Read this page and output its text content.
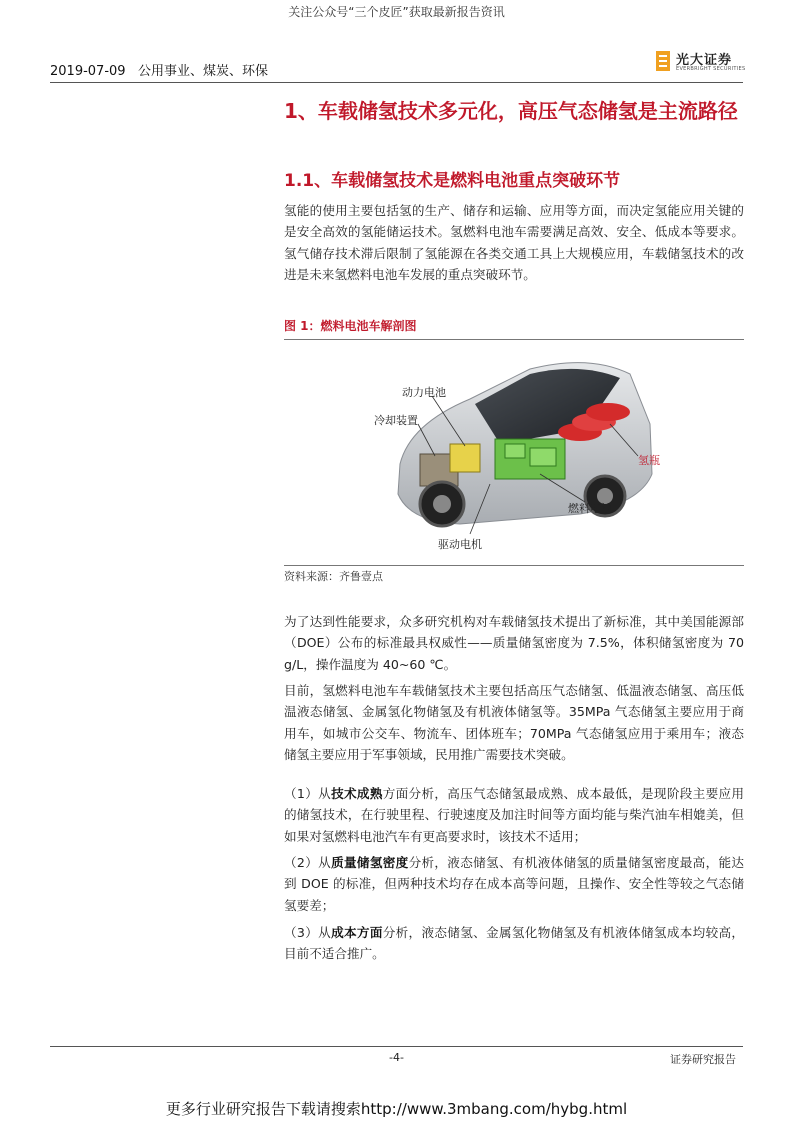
关注公众号“三个皮匠”获取最新报告资讯
2019-07-09 公用事业、煤炭、环保
光大证券
EVERBRIGHT SECURITIES
1、车载储氢技术多元化，高压气态储氢是主流路径
1.1、车载储氢技术是燃料电池重点突破环节
氢能的使用主要包括氢的生产、储存和运输、应用等方面，而决定氢能应用关键的是安全高效的氢能储运技术。氢燃料电池车需要满足高效、安全、低成本等要求。氢气储存技术滞后限制了氢能源在各类交通工具上大规模应用，车载储氢技术的改进是未来氢燃料电池车发展的重点突破环节。
图 1：燃料电池车解剖图
动力电池
冷却装置
氢瓶
燃料电池
驱动电机
资料来源：齐鲁壹点
为了达到性能要求，众多研究机构对车载储氢技术提出了新标准，其中美国能源部（DOE）公布的标准最具权威性——质量储氢密度为 7.5%，体积储氢密度为 70 g/L，操作温度为 40~60 ℃。
目前，氢燃料电池车车载储氢技术主要包括高压气态储氢、低温液态储氢、高压低温液态储氢、金属氢化物储氢及有机液体储氢等。35MPa 气态储氢主要应用于商用车，如城市公交车、物流车、团体班车；70MPa 气态储氢应用于乘用车；液态储氢主要应用于军事领域，民用推广需要技术突破。
（1）从技术成熟方面分析，高压气态储氢最成熟、成本最低，是现阶段主要应用的储氢技术，在行驶里程、行驶速度及加注时间等方面均能与柴汽油车相媲美，但如果对氢燃料电池汽车有更高要求时，该技术不适用；
（2）从质量储氢密度分析，液态储氢、有机液体储氢的质量储氢密度最高，能达到 DOE 的标准，但两种技术均存在成本高等问题，且操作、安全性等较之气态储氢要差；
（3）从成本方面分析，液态储氢、金属氢化物储氢及有机液体储氢成本均较高，目前不适合推广。
-4-	证券研究报告
更多行业研究报告下载请搜索http://www.3mbang.com/hybg.html
